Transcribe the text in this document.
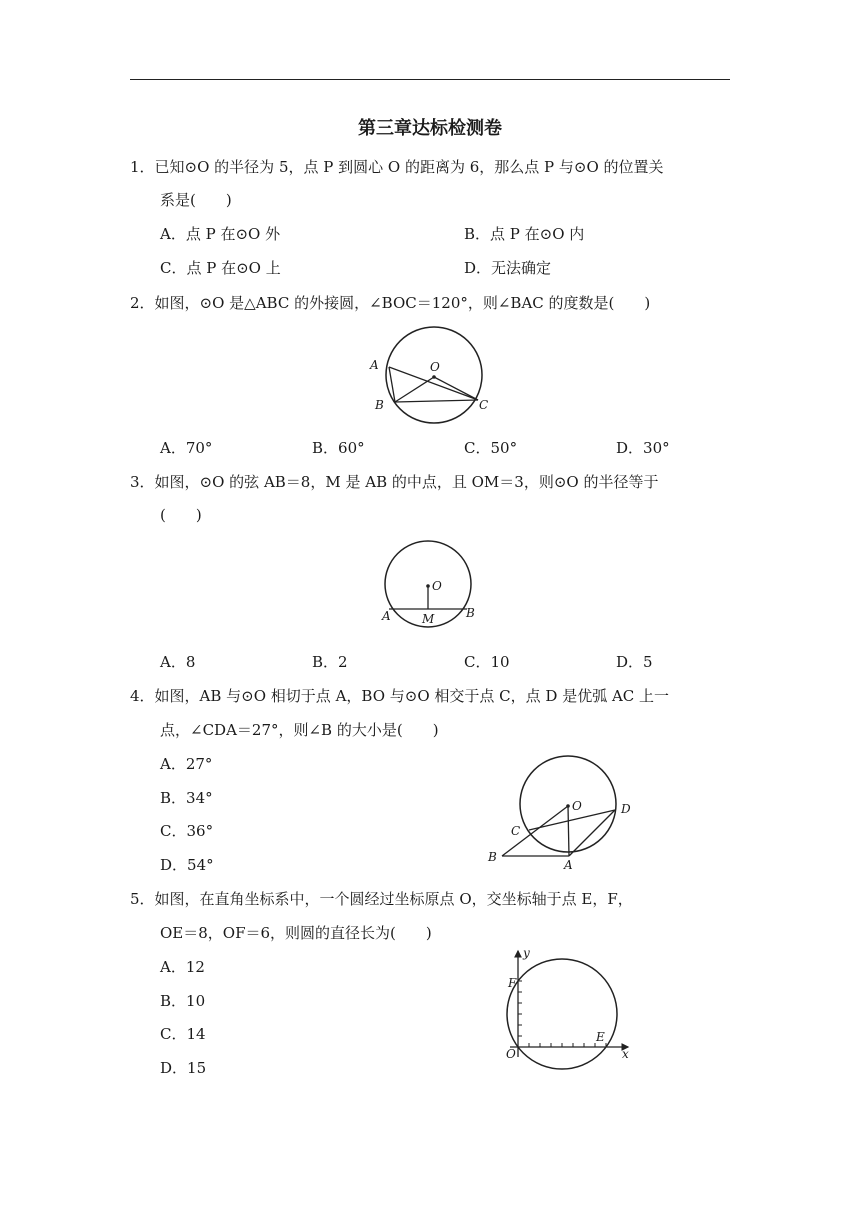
第三章达标检测卷
1．已知⊙O 的半径为 5，点 P 到圆心 O 的距离为 6，那么点 P 与⊙O 的位置关
系是(　　)
A．点 P 在⊙O 外	B．点 P 在⊙O 内
C．点 P 在⊙O 上	D．无法确定
2．如图，⊙O 是△ABC 的外接圆，∠BOC＝120°，则∠BAC 的度数是(　　)
A	O
B	C
A．70°	B．60°	C．50°	D．30°
3．如图，⊙O 的弦 AB＝8，M 是 AB 的中点，且 OM＝3，则⊙O 的半径等于
(　　)
O
A	M	B
A．8	B．2	C．10	D．5
4．如图，AB 与⊙O 相切于点 A，BO 与⊙O 相交于点 C，点 D 是优弧 AC 上一
点，∠CDA＝27°，则∠B 的大小是(　　)
A．27°
B．34°
C．36°
D．54°
O	D
C
B
A
5．如图，在直角坐标系中，一个圆经过坐标原点 O，交坐标轴于点 E，F，
OE＝8，OF＝6，则圆的直径长为(　　)
A．12
B．10
C．14
D．15
y
F
E
O	x
